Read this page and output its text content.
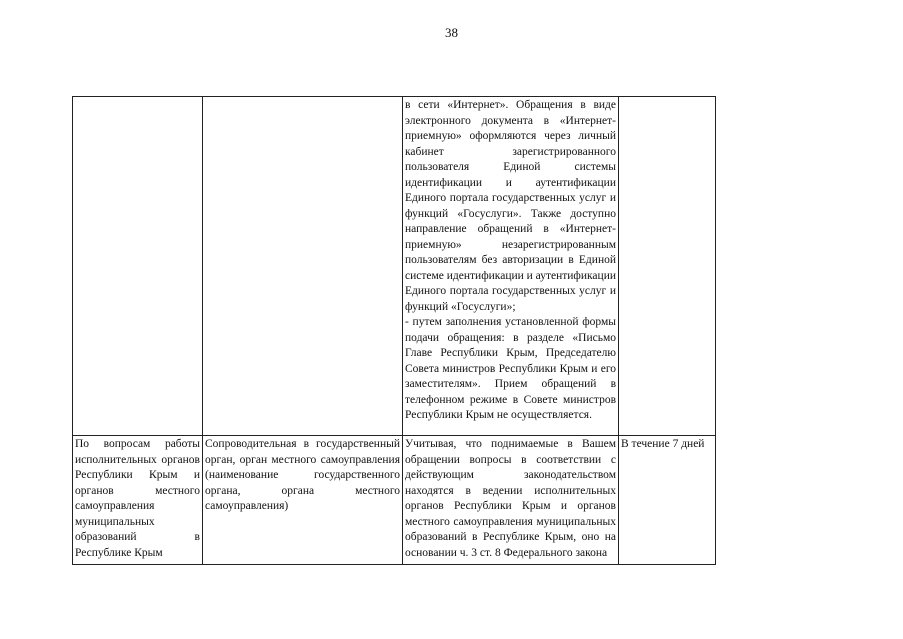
38

		в сети «Интернет». Обращения в виде электронного документа в «Интернет-приемную» оформляются через личный кабинет зарегистрированного пользователя Единой системы идентификации и аутентификации Единого портала государственных услуг и функций «Госуслуги». Также доступно направление обращений в «Интернет-приемную» незарегистрированным пользователям без авторизации в Единой системе идентификации и аутентификации Единого портала государственных услуг и функций «Госуслуги»;

- путем заполнения установленной формы подачи обращения: в разделе «Письмо Главе Республики Крым, Председателю Совета министров Республики Крым и его заместителям». Прием обращений в телефонном режиме в Совете министров Республики Крым не осуществляется.	

По вопросам работы исполнительных органов Республики Крым и органов местного самоуправления муниципальных образований в Республике Крым	Сопроводительная в государственный орган, орган местного самоуправления (наименование государственного органа, органа местного самоуправления)	Учитывая, что поднимаемые в Вашем обращении вопросы в соответствии с действующим законодательством находятся в ведении исполнительных органов Республики Крым и органов местного самоуправления муниципальных образований в Республике Крым, оно на основании ч. 3 ст. 8 Федерального закона	В течение 7 дней
